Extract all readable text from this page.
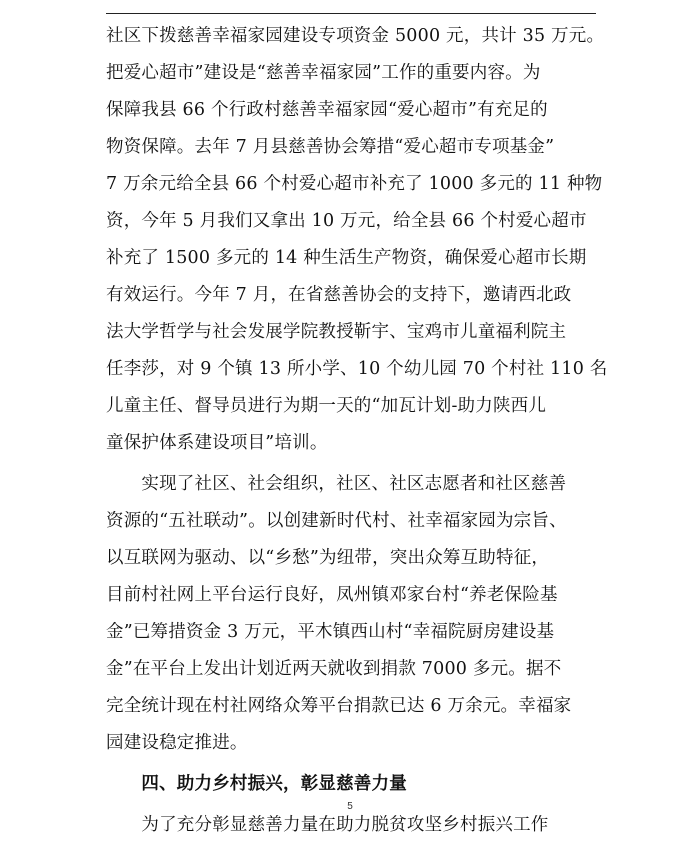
社区下拨慈善幸福家园建设专项资金 5000 元，共计 35 万元。
把爱心超市”建设是“慈善幸福家园”工作的重要内容。为
保障我县 66 个行政村慈善幸福家园“爱心超市”有充足的
物资保障。去年 7 月县慈善协会筹措“爱心超市专项基金”
7 万余元给全县 66 个村爱心超市补充了 1000 多元的 11 种物
资，今年 5 月我们又拿出 10 万元，给全县 66 个村爱心超市
补充了 1500 多元的 14 种生活生产物资，确保爱心超市长期
有效运行。今年 7 月，在省慈善协会的支持下，邀请西北政
法大学哲学与社会发展学院教授靳宇、宝鸡市儿童福利院主
任李莎，对 9 个镇 13 所小学、10 个幼儿园 70 个村社 110 名
儿童主任、督导员进行为期一天的“加瓦计划-助力陕西儿
童保护体系建设项目”培训。
　　实现了社区、社会组织，社区、社区志愿者和社区慈善
资源的“五社联动”。以创建新时代村、社幸福家园为宗旨、
以互联网为驱动、以“乡愁”为纽带，突出众筹互助特征，
目前村社网上平台运行良好，凤州镇邓家台村“养老保险基
金”已筹措资金 3 万元，平木镇西山村“幸福院厨房建设基
金”在平台上发出计划近两天就收到捐款 7000 多元。据不
完全统计现在村社网络众筹平台捐款已达 6 万余元。幸福家
园建设稳定推进。
　　四、助力乡村振兴，彰显慈善力量
　　为了充分彰显慈善力量在助力脱贫攻坚乡村振兴工作
5
